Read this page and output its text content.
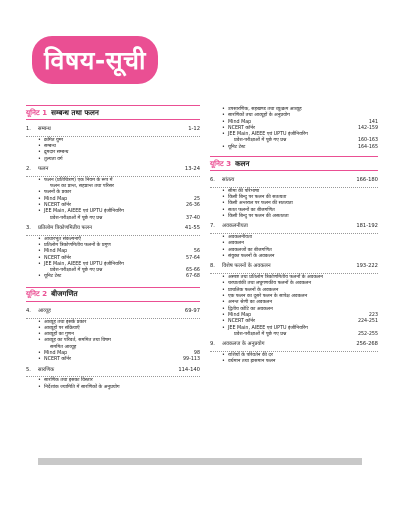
विषय-सूची
यूनिट 1 सम्बन्ध तथा फलन
1.	सम्बन्ध	1-12
• क्रमित युग्म
• सम्बन्ध
• द्रुमदार सम्बन्ध
• तुल्यता वर्ग
2.	फलन	13-24
• फलन (प्रतिचित्रण) एक नियम के रूप में
फलन का प्रान्त, सहप्रान्त तथा परिसर
• फलनों के प्रकार
• Mind Map	25
• NCERT कॉर्नर	26-36
• JEE Main, AIEEE एवं UPTU इंजीनियरिंग
प्रवेश-परीक्षाओं में पूछे गए प्रश्न	37-40
3.	प्रतिलोम त्रिकोणमितीय फलन	41-55
• आधारभूत संकल्पनाएँ
• प्रतिलोम त्रिकोणमितीय फलनों के प्रगुण
• Mind Map	56
• NCERT कॉर्नर	57-64
• JEE Main, AIEEE एवं UPTU इंजीनियरिंग
प्रवेश-परीक्षाओं में पूछे गए प्रश्न	65-66
• यूनिट टेस्ट	67-68
यूनिट 2 बीजगणित
4.	आव्यूह	69-97
• आव्यूह तथा इसके प्रकार
• आव्यूहों पर संक्रियाएँ
• आव्यूहों का गुणन
• आव्यूह का परिवर्त, सममित तथा विषम
सममित आव्यूह
• Mind Map	98
• NCERT कॉर्नर	99-113
5.	सारणिक	114-140
• सारणिक तथा इसका विस्तार
• निर्देशांक ज्यामिति में सारणिकों के अनुप्रयोग
• उपसारणिक, सहखण्ड तथा व्युत्क्रम आव्यूह
• सारणिकों तथा आव्यूहों के अनुप्रयोग
• Mind Map	141
• NCERT कॉर्नर	142-159
• JEE Main, AIEEE एवं UPTU इंजीनियरिंग
प्रवेश-परीक्षाओं में पूछे गए प्रश्न	160-163
• यूनिट टेस्ट	164-165
यूनिट 3 कलन
6.	सांतत्य	166-180
• सीमा की परिभाषा
• किसी बिन्दु पर फलन की सतत्यता
• किसी अन्तराल पर फलन की सतत्यता
• सतत फलनों का बीजगणित
• किसी बिन्दु पर फलन की असततता
7.	अवकलनीयता	181-192
• अवकलनीयता
• अवकलन
• अवकलजों का बीजगणित
• संयुक्त फलनों के अवकलन
8.	विशेष फलनों के अवकलन	193-222
• अस्पष्ट तथा प्रतिलोम त्रिकोणमितीय फलनों के अवकलन
• चरघातांकी तथा लघुगणकीय फलनों के अवकलन
• प्राचलिक फलनों के अवकलन
• एक फलन का दूसरे फलन के सापेक्ष अवकलन
• अनन्त श्रेणी का अवकलन
• द्वितीय कोटि का अवकलन
• Mind Map	223
• NCERT कॉर्नर	224-251
• JEE Main, AIEEE एवं UPTU इंजीनियरिंग
प्रवेश-परीक्षाओं में पूछे गए प्रश्न	252-255
9.	अवकलज के अनुप्रयोग	256-268
• राशियों के परिवर्तन की दर
• वर्धमान तथा ह्रासमान फलन
